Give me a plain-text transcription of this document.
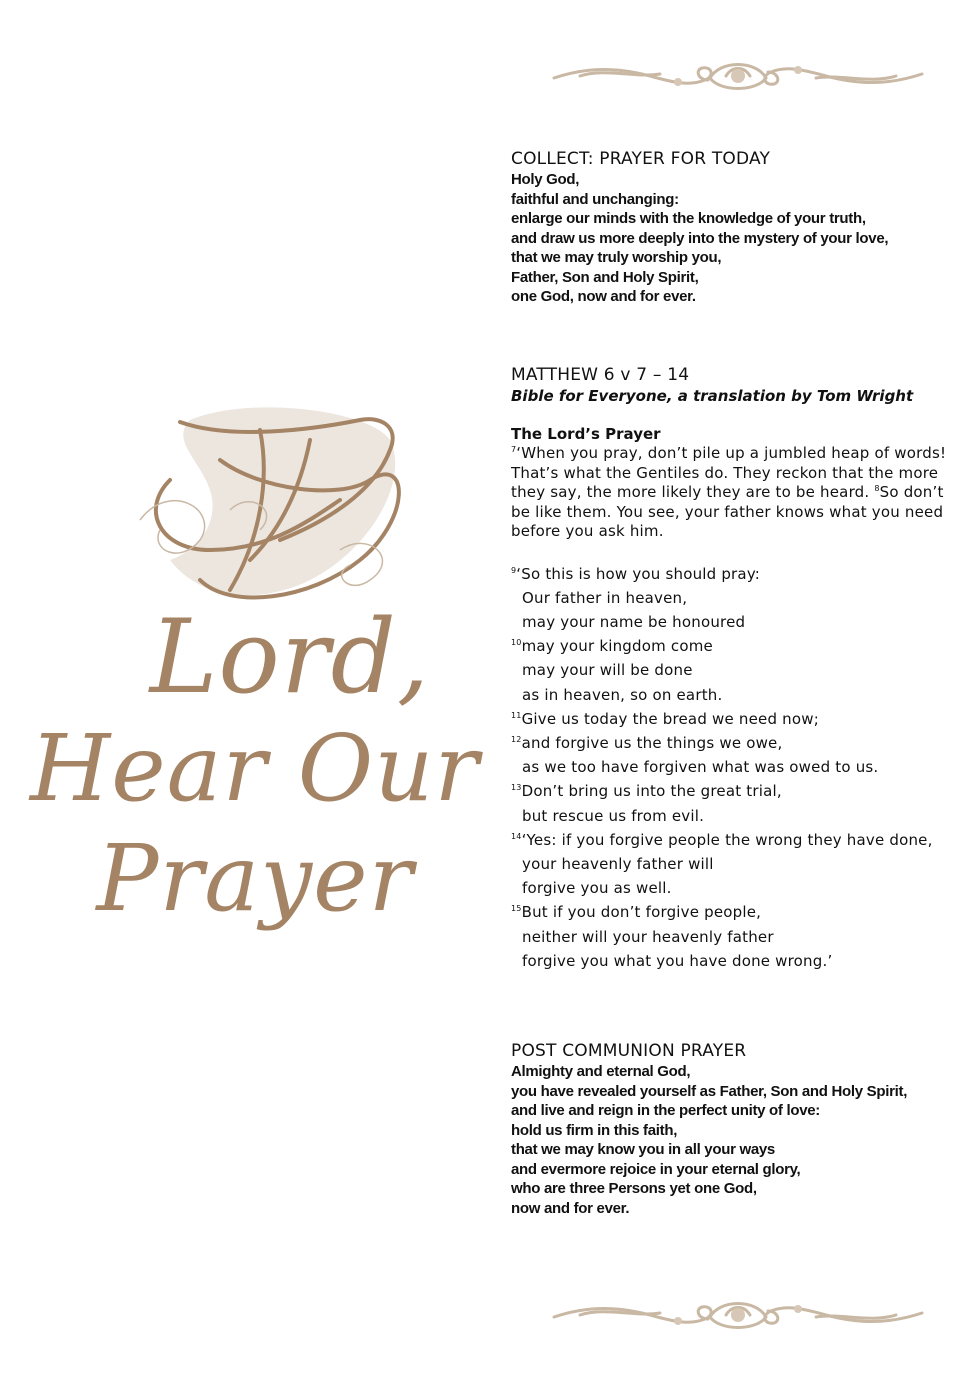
Lord,
Hear Our
Prayer
COLLECT: PRAYER FOR TODAY
Holy God,
faithful and unchanging:
enlarge our minds with the knowledge of your truth,
and draw us more deeply into the mystery of your love,
that we may truly worship you,
Father, Son and Holy Spirit,
one God, now and for ever.
MATTHEW 6 v 7 – 14
Bible for Everyone, a translation by Tom Wright
The Lord’s Prayer
$^7$‘When you pray, don’t pile up a jumbled heap of words! That’s what the Gentiles do. They reckon that the more they say, the more likely they are to be heard. $^8$So don’t be like them. You see, your father knows what you need before you ask him.
$^9$‘So this is how you should pray:
Our father in heaven,
may your name be honoured
$^{10}$may your kingdom come
may your will be done
as in heaven, so on earth.
$^{11}$Give us today the bread we need now;
$^{12}$and forgive us the things we owe,
as we too have forgiven what was owed to us.
$^{13}$Don’t bring us into the great trial,
but rescue us from evil.
$^{14}$‘Yes: if you forgive people the wrong they have done,
your heavenly father will
forgive you as well.
$^{15}$But if you don’t forgive people,
neither will your heavenly father
forgive you what you have done wrong.’
POST COMMUNION PRAYER
Almighty and eternal God,
you have revealed yourself as Father, Son and Holy Spirit,
and live and reign in the perfect unity of love:
hold us firm in this faith,
that we may know you in all your ways
and evermore rejoice in your eternal glory,
who are three Persons yet one God,
now and for ever.
